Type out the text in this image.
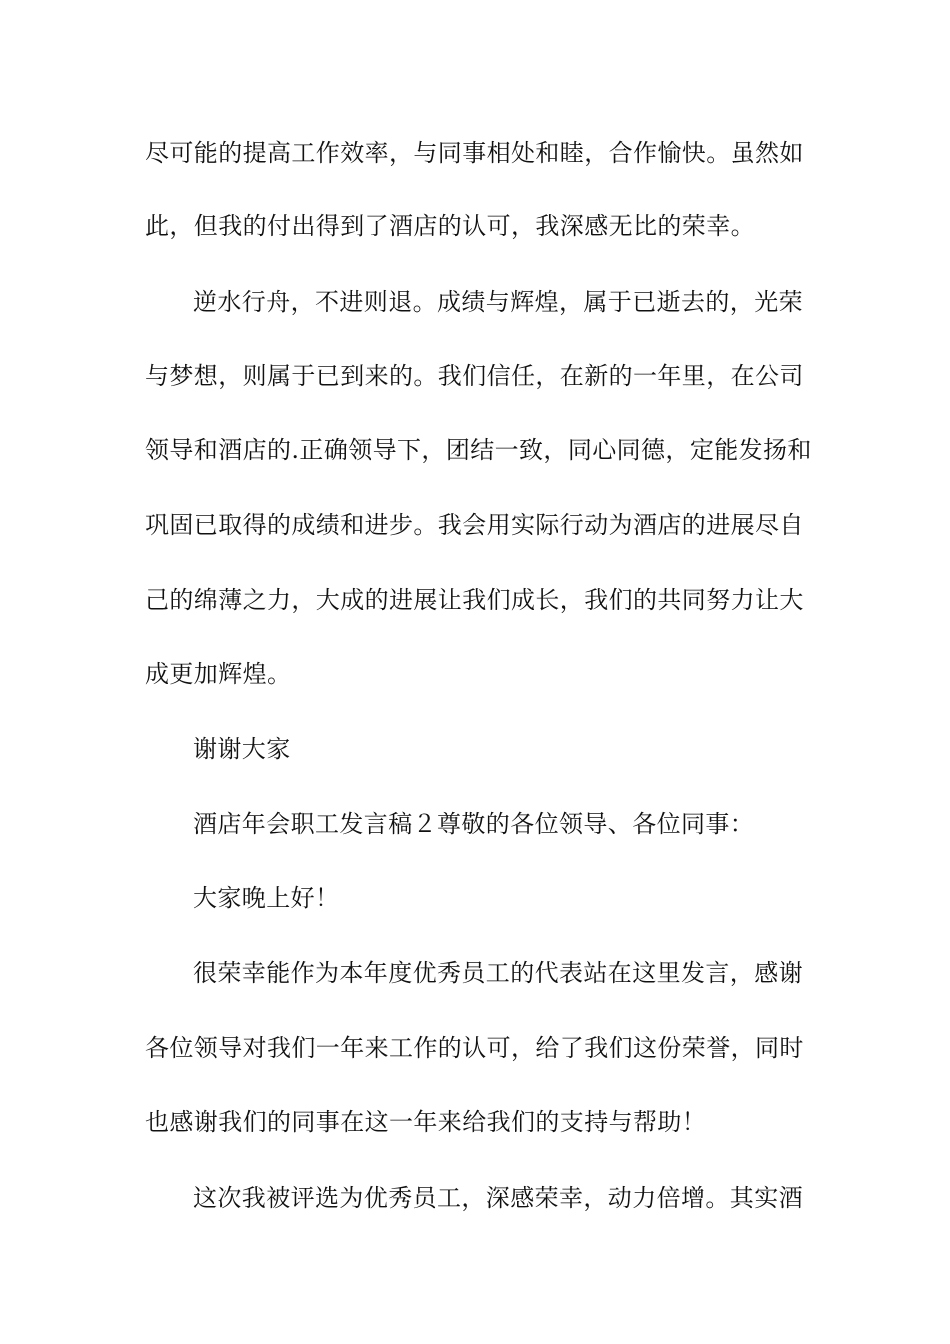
尽可能的提高工作效率，与同事相处和睦，合作愉快。虽然如
此，但我的付出得到了酒店的认可，我深感无比的荣幸。
逆水行舟，不进则退。成绩与辉煌，属于已逝去的，光荣
与梦想，则属于已到来的。我们信任，在新的一年里，在公司
领导和酒店的.正确领导下，团结一致，同心同德，定能发扬和
巩固已取得的成绩和进步。我会用实际行动为酒店的进展尽自
己的绵薄之力，大成的进展让我们成长，我们的共同努力让大
成更加辉煌。
谢谢大家
酒店年会职工发言稿２尊敬的各位领导、各位同事：
大家晚上好！
很荣幸能作为本年度优秀员工的代表站在这里发言，感谢
各位领导对我们一年来工作的认可，给了我们这份荣誉，同时
也感谢我们的同事在这一年来给我们的支持与帮助！
这次我被评选为优秀员工，深感荣幸，动力倍增。其实酒
